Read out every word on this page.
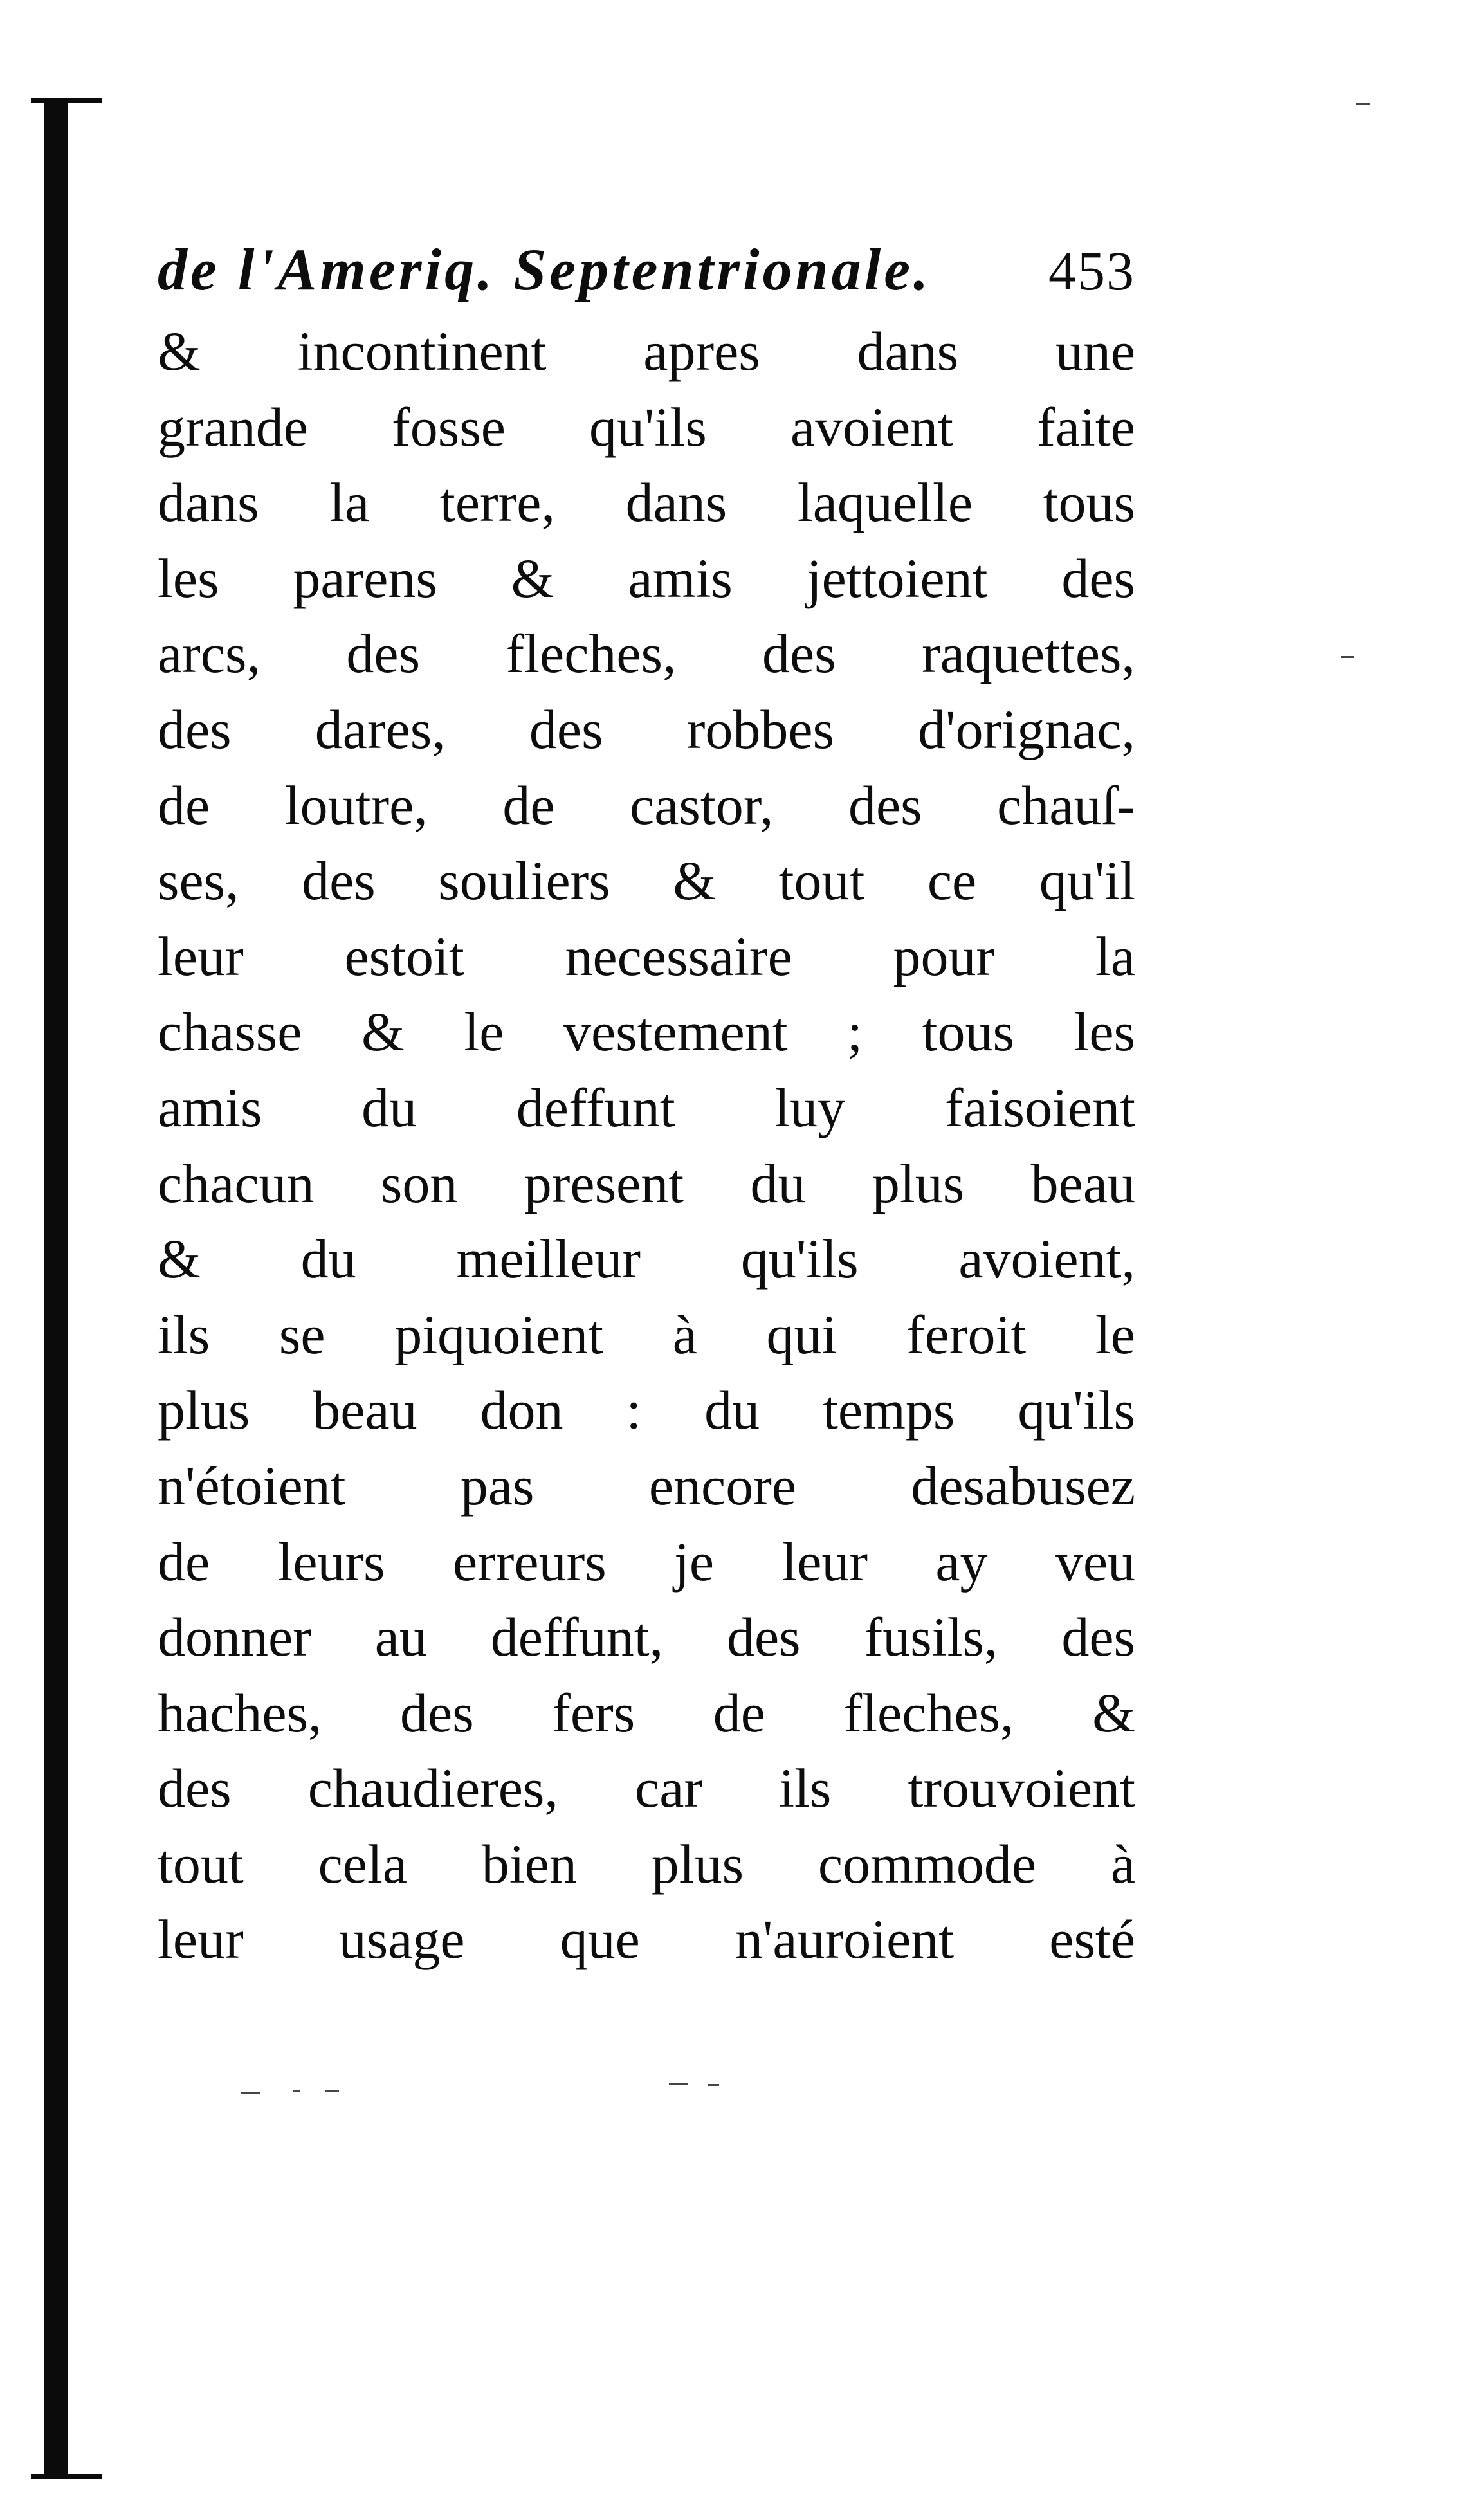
de l'Ameriq. Septentrionale. 453
& incontinent apres dans une
grande fosse qu'ils avoient faite
dans la terre, dans laquelle tous
les parens & amis jettoient des
arcs, des fleches, des raquettes,
des dares, des robbes d'orignac,
de loutre, de castor, des chauſ-
ses, des souliers & tout ce qu'il
leur estoit necessaire pour la
chasse & le vestement ; tous les
amis du deffunt luy faisoient
chacun son present du plus beau
& du meilleur qu'ils avoient,
ils se piquoient à qui feroit le
plus beau don : du temps qu'ils
n'étoient pas encore desabusez
de leurs erreurs je leur ay veu
donner au deffunt, des fusils, des
haches, des fers de fleches, &
des chaudieres, car ils trouvoient
tout cela bien plus commode à
leur usage que n'auroient esté
